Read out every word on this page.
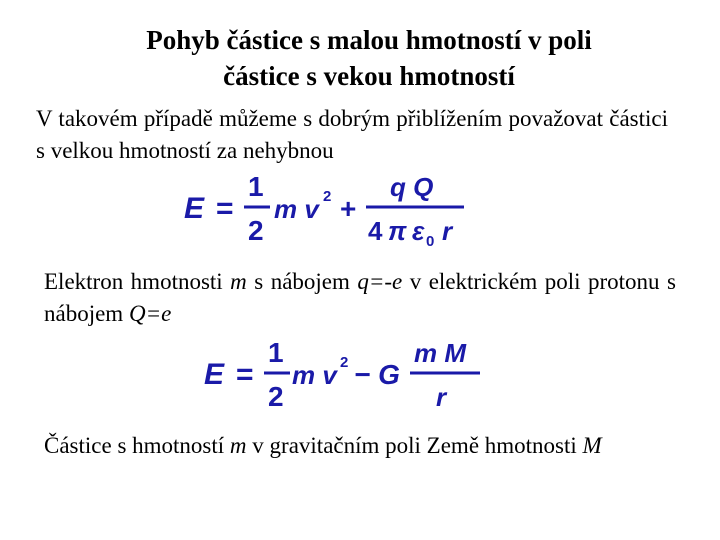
Pohyb částice s malou hmotností v poli
částice s vekou hmotností
V takovém případě můžeme s dobrým přiblížením považovat částici s velkou hmotností za nehybnou
E =
1
2
m v 2 +
q Q
4 π ε 0 r
Elektron hmotnosti m s nábojem q=-e v elektrickém poli protonu s nábojem Q=e
E =
1
2
m v 2 − G
m M
r
Částice s hmotností m v gravitačním poli Země hmotnosti M
